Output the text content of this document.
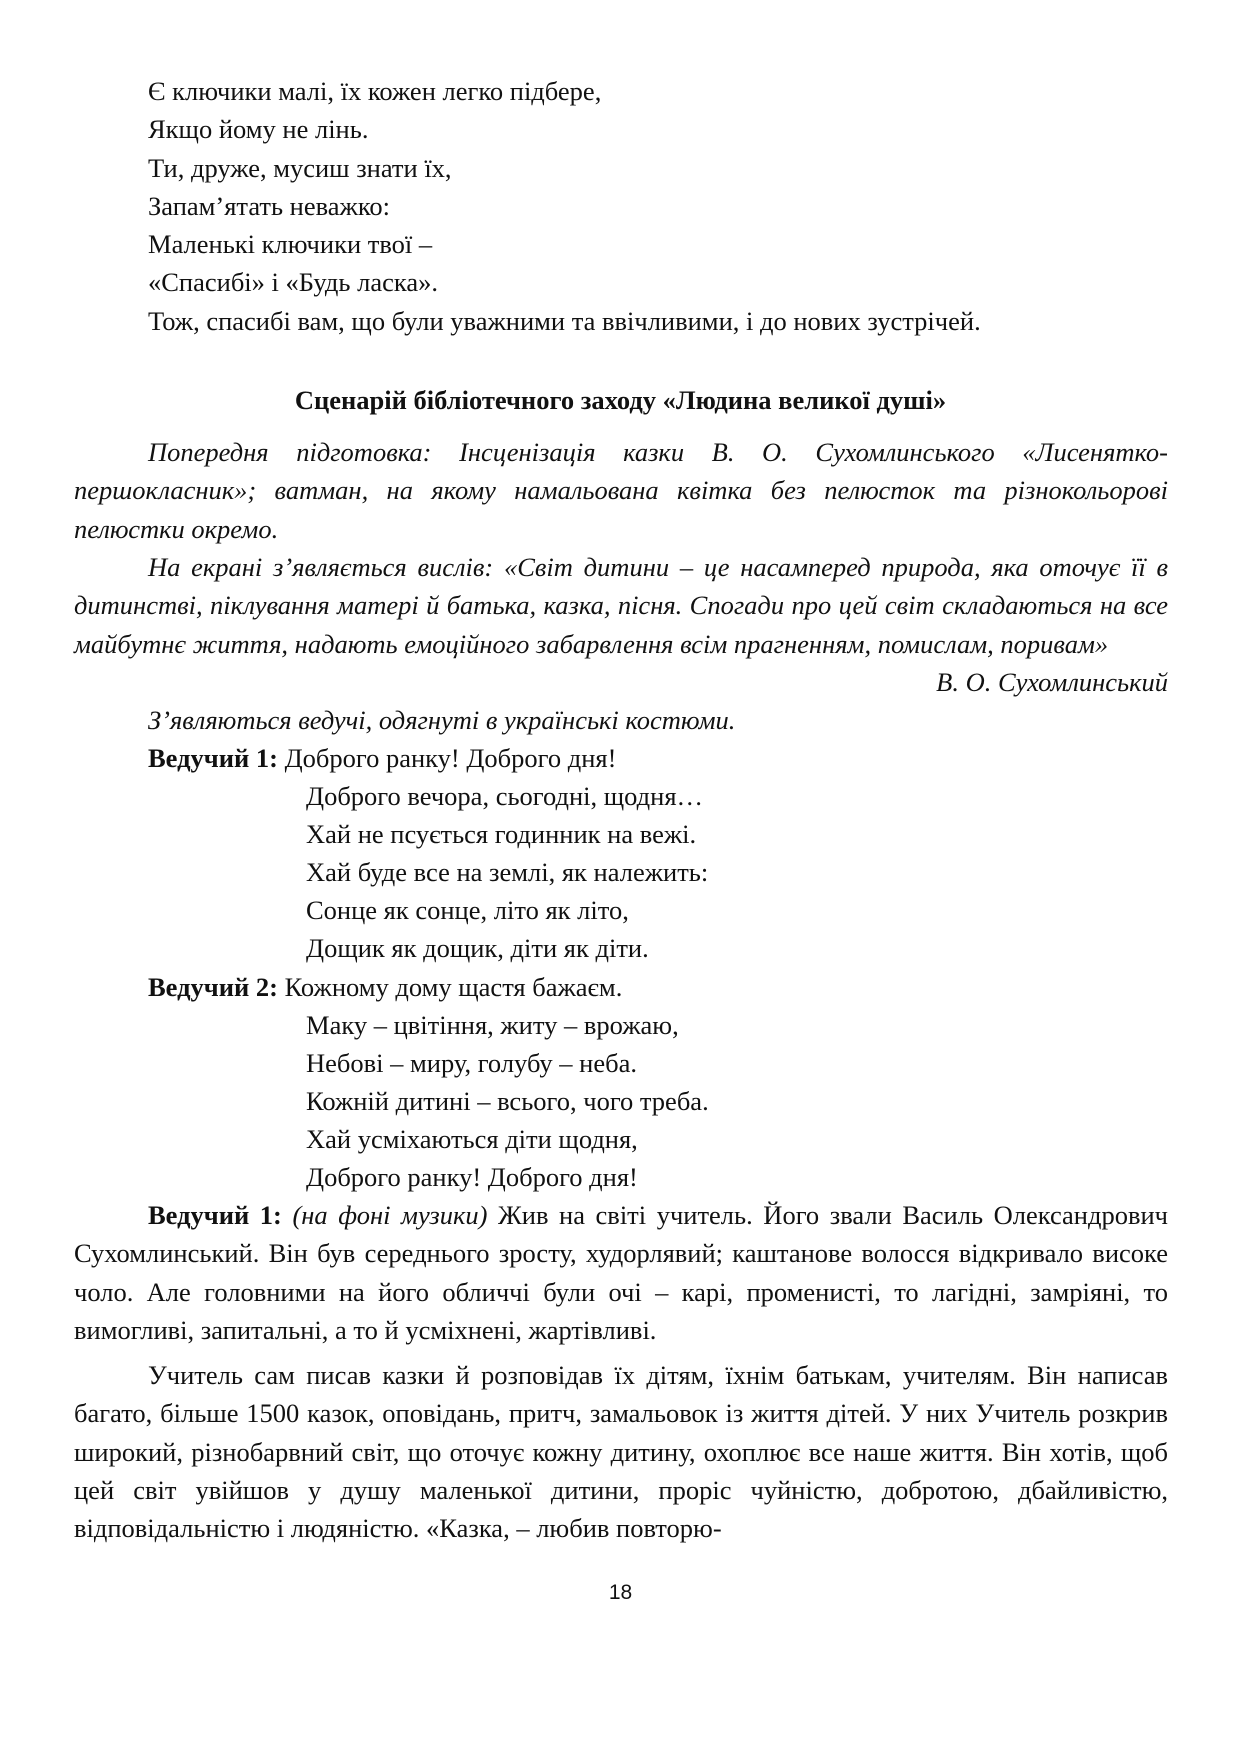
Є ключики малі, їх кожен легко підбере,
Якщо йому не лінь.
Ти, друже, мусиш знати їх,
Запам’ятать неважко:
Маленькі ключики твої –
«Спасибі» і «Будь ласка».
Тож, спасибі вам, що були уважними та ввічливими, і до нових зустрічей.
Сценарій бібліотечного заходу «Людина великої душі»
Попередня підготовка: Інсценізація казки В. О. Сухомлинського «Лисенятко-першокласник»; ватман, на якому намальована квітка без пелюсток та різнокольорові пелюстки окремо.
На екрані з’являється вислів: «Світ дитини – це насамперед природа, яка оточує її в дитинстві, піклування матері й батька, казка, пісня. Спогади про цей світ складаються на все майбутнє життя, надають емоційного забарвлення всім прагненням, помислам, поривам»
В. О. Сухомлинський
З’являються ведучі, одягнуті в українські костюми.
Ведучий 1: Доброго ранку! Доброго дня!
Доброго вечора, сьогодні, щодня…
Хай не псується годинник на вежі.
Хай буде все на землі, як належить:
Сонце як сонце, літо як літо,
Дощик як дощик, діти як діти.
Ведучий 2: Кожному дому щастя бажаєм.
Маку – цвітіння, житу – врожаю,
Небові – миру, голубу – неба.
Кожній дитині – всього, чого треба.
Хай усміхаються діти щодня,
Доброго ранку! Доброго дня!
Ведучий 1: (на фоні музики) Жив на світі учитель. Його звали Василь Олександрович Сухомлинський. Він був середнього зросту, худорлявий; каштанове волосся відкривало високе чоло. Але головними на його обличчі були очі – карі, променисті, то лагідні, замріяні, то вимогливі, запитальні, а то й усміхнені, жартівливі.
Учитель сам писав казки й розповідав їх дітям, їхнім батькам, учителям. Він написав багато, більше 1500 казок, оповідань, притч, замальовок із життя дітей. У них Учитель розкрив широкий, різнобарвний світ, що оточує кожну дитину, охоплює все наше життя. Він хотів, щоб цей світ увійшов у душу маленької дитини, проріс чуйністю, добротою, дбайливістю, відповідальністю і людяністю. «Казка, – любив повторю-
18
